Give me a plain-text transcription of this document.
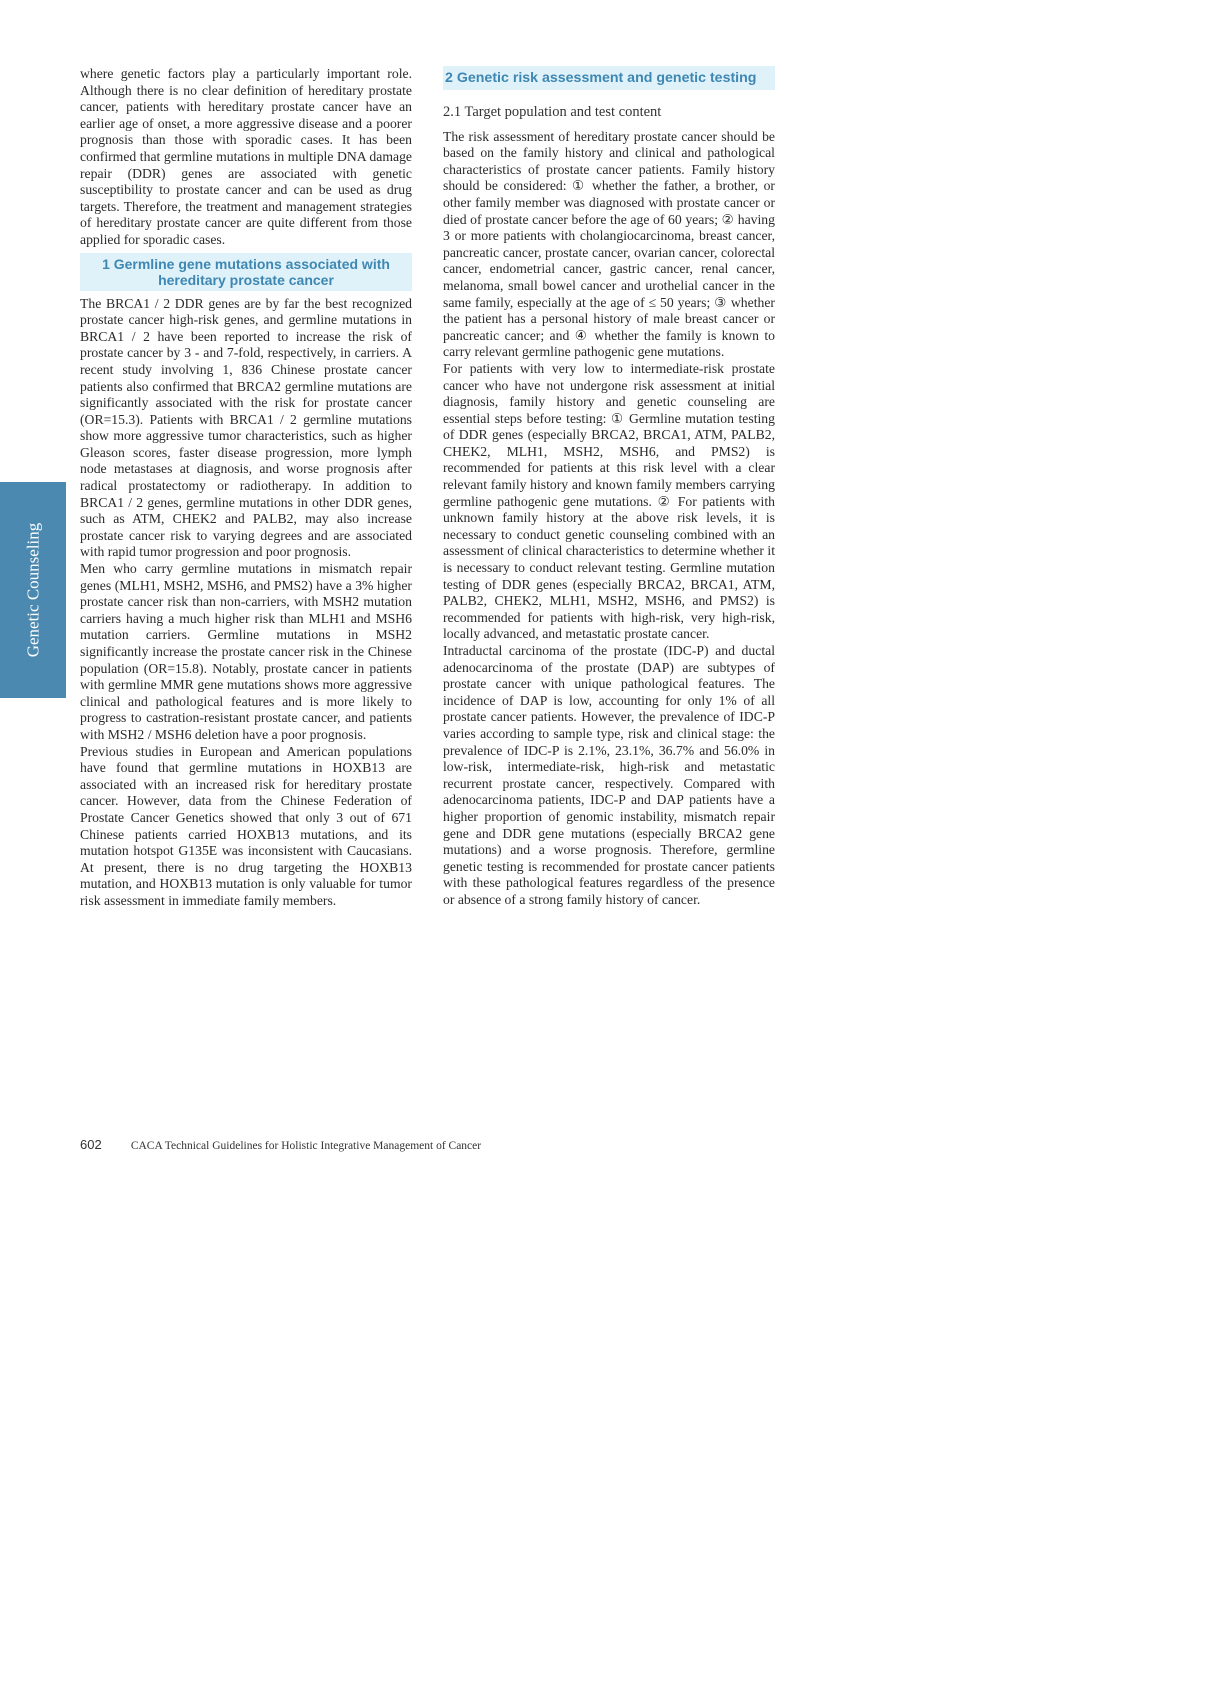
Genetic Counseling

where genetic factors play a particularly important role. Although there is no clear definition of hereditary prostate cancer, patients with hereditary prostate cancer have an earlier age of onset, a more aggressive disease and a poorer prognosis than those with sporadic cases. It has been confirmed that germline mutations in multiple DNA damage repair (DDR) genes are associated with genetic susceptibility to prostate cancer and can be used as drug targets. Therefore, the treatment and management strategies of hereditary prostate cancer are quite different from those applied for sporadic cases.

1 Germline gene mutations associated with hereditary prostate cancer

The BRCA1 / 2 DDR genes are by far the best recognized prostate cancer high-risk genes, and germline mutations in BRCA1 / 2 have been reported to increase the risk of prostate cancer by 3 - and 7-fold, respectively, in carriers. A recent study involving 1, 836 Chinese prostate cancer patients also confirmed that BRCA2 germline mutations are significantly associated with the risk for prostate cancer (OR=15.3). Patients with BRCA1 / 2 germline mutations show more aggressive tumor characteristics, such as higher Gleason scores, faster disease progression, more lymph node metastases at diagnosis, and worse prognosis after radical prostatectomy or radiotherapy. In addition to BRCA1 / 2 genes, germline mutations in other DDR genes, such as ATM, CHEK2 and PALB2, may also increase prostate cancer risk to varying degrees and are associated with rapid tumor progression and poor prognosis.

Men who carry germline mutations in mismatch repair genes (MLH1, MSH2, MSH6, and PMS2) have a 3% higher prostate cancer risk than non-carriers, with MSH2 mutation carriers having a much higher risk than MLH1 and MSH6 mutation carriers. Germline mutations in MSH2 significantly increase the prostate cancer risk in the Chinese population (OR=15.8). Notably, prostate cancer in patients with germline MMR gene mutations shows more aggressive clinical and pathological features and is more likely to progress to castration-resistant prostate cancer, and patients with MSH2 / MSH6 deletion have a poor prognosis.

Previous studies in European and American populations have found that germline mutations in HOXB13 are associated with an increased risk for hereditary prostate cancer. However, data from the Chinese Federation of Prostate Cancer Genetics showed that only 3 out of 671 Chinese patients carried HOXB13 mutations, and its mutation hotspot G135E was inconsistent with Caucasians. At present, there is no drug targeting the HOXB13 mutation, and HOXB13 mutation is only valuable for tumor risk assessment in immediate family members.

2 Genetic risk assessment and genetic testing
2.1 Target population and test content

The risk assessment of hereditary prostate cancer should be based on the family history and clinical and pathological characteristics of prostate cancer patients. Family history should be considered: ① whether the father, a brother, or other family member was diagnosed with prostate cancer or died of prostate cancer before the age of 60 years; ② having 3 or more patients with cholangiocarcinoma, breast cancer, pancreatic cancer, prostate cancer, ovarian cancer, colorectal cancer, endometrial cancer, gastric cancer, renal cancer, melanoma, small bowel cancer and urothelial cancer in the same family, especially at the age of ≤ 50 years; ③ whether the patient has a personal history of male breast cancer or pancreatic cancer; and ④ whether the family is known to carry relevant germline pathogenic gene mutations.

For patients with very low to intermediate-risk prostate cancer who have not undergone risk assessment at initial diagnosis, family history and genetic counseling are essential steps before testing: ① Germline mutation testing of DDR genes (especially BRCA2, BRCA1, ATM, PALB2, CHEK2, MLH1, MSH2, MSH6, and PMS2) is recommended for patients at this risk level with a clear relevant family history and known family members carrying germline pathogenic gene mutations. ② For patients with unknown family history at the above risk levels, it is necessary to conduct genetic counseling combined with an assessment of clinical characteristics to determine whether it is necessary to conduct relevant testing. Germline mutation testing of DDR genes (especially BRCA2, BRCA1, ATM, PALB2, CHEK2, MLH1, MSH2, MSH6, and PMS2) is recommended for patients with high-risk, very high-risk, locally advanced, and metastatic prostate cancer.

Intraductal carcinoma of the prostate (IDC-P) and ductal adenocarcinoma of the prostate (DAP) are subtypes of prostate cancer with unique pathological features. The incidence of DAP is low, accounting for only 1% of all prostate cancer patients. However, the prevalence of IDC-P varies according to sample type, risk and clinical stage: the prevalence of IDC-P is 2.1%, 23.1%, 36.7% and 56.0% in low-risk, intermediate-risk, high-risk and metastatic recurrent prostate cancer, respectively. Compared with adenocarcinoma patients, IDC-P and DAP patients have a higher proportion of genomic instability, mismatch repair gene and DDR gene mutations (especially BRCA2 gene mutations) and a worse prognosis. Therefore, germline genetic testing is recommended for prostate cancer patients with these pathological features regardless of the presence or absence of a strong family history of cancer.

602	CACA Technical Guidelines for Holistic Integrative Management of Cancer
